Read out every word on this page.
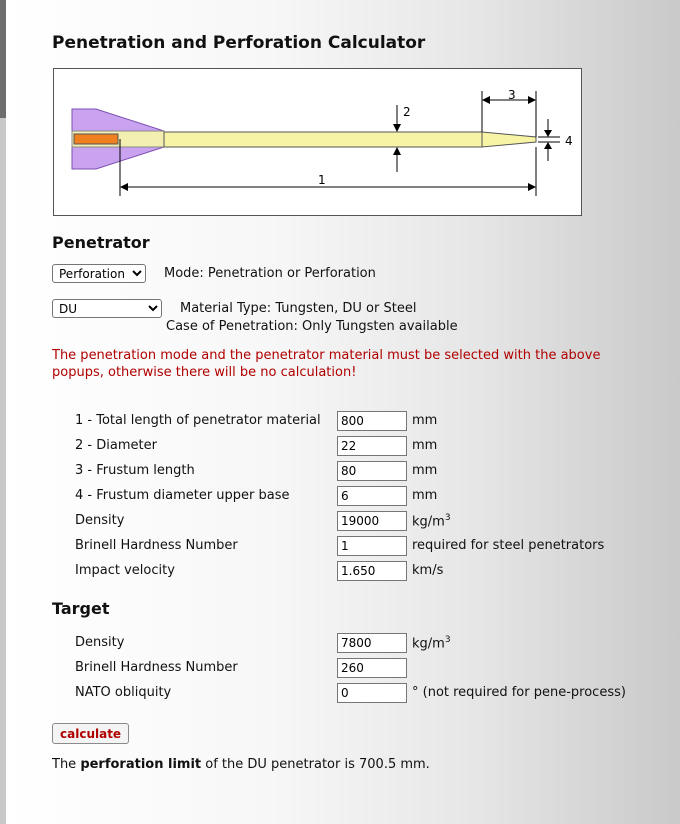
Penetration and Perforation Calculator
1
2
3
4
Penetrator
Perforation
Mode: Penetration or Perforation
DU
Material Type: Tungsten, DU or Steel
Case of Penetration: Only Tungsten available
The penetration mode and the penetrator material must be selected with the above popups, otherwise there will be no calculation!
1 - Total length of penetrator material
800	mm
2 - Diameter
22	mm
3 - Frustum length
80	mm
4 - Frustum diameter upper base
6	mm
Density
19000	$kg/m^3$
Brinell Hardness Number
1	required for steel penetrators
Impact velocity
1.650	km/s
Target
Density
7800	$kg/m^3$
Brinell Hardness Number
260
NATO obliquity
0	° (not required for pene-process)
calculate
The perforation limit of the DU penetrator is 700.5 mm.
